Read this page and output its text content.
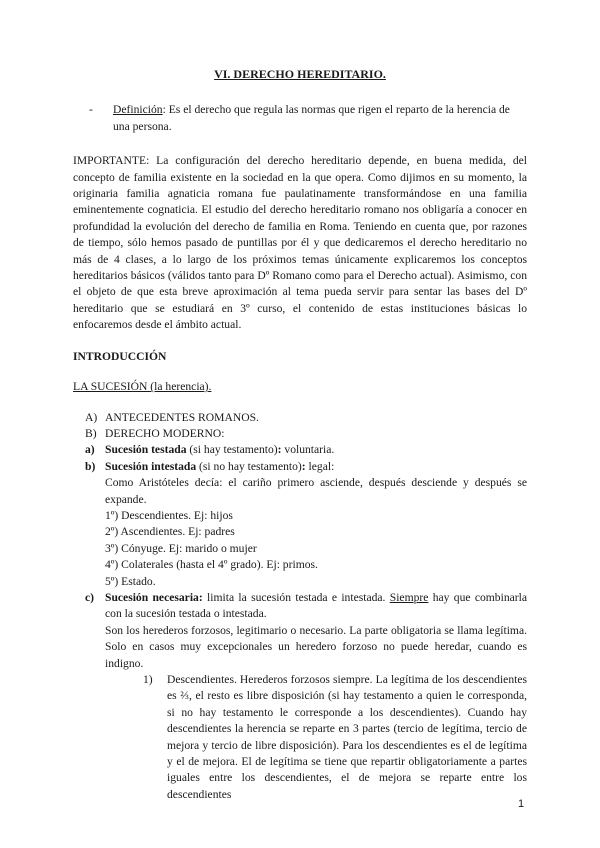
VI. DERECHO HEREDITARIO.
-	Definición: Es el derecho que regula las normas que rigen el reparto de la herencia de una persona.

IMPORTANTE: La configuración del derecho hereditario depende, en buena medida, del concepto de familia existente en la sociedad en la que opera. Como dijimos en su momento, la originaria familia agnaticia romana fue paulatinamente transformándose en una familia eminentemente cognaticia. El estudio del derecho hereditario romano nos obligaría a conocer en profundidad la evolución del derecho de familia en Roma. Teniendo en cuenta que, por razones de tiempo, sólo hemos pasado de puntillas por él y que dedicaremos el derecho hereditario no más de 4 clases, a lo largo de los próximos temas únicamente explicaremos los conceptos hereditarios básicos (válidos tanto para Dº Romano como para el Derecho actual). Asimismo, con el objeto de que esta breve aproximación al tema pueda servir para sentar las bases del Dº hereditario que se estudiará en 3º curso, el contenido de estas instituciones básicas lo enfocaremos desde el ámbito actual.

INTRODUCCIÓN
LA SUCESIÓN (la herencia).
A) ANTECEDENTES ROMANOS.
B) DERECHO MODERNO:
a) Sucesión testada (si hay testamento): voluntaria.
b) Sucesión intestada (si no hay testamento): legal:
Como Aristóteles decía: el cariño primero asciende, después desciende y después se expande.
1º) Descendientes. Ej: hijos
2º) Ascendientes. Ej: padres
3º) Cónyuge. Ej: marido o mujer
4º) Colaterales (hasta el 4º grado). Ej: primos.
5º) Estado.
c) Sucesión necesaria: limita la sucesión testada e intestada. Siempre hay que combinarla con la sucesión testada o intestada.
Son los herederos forzosos, legitimario o necesario. La parte obligatoria se llama legítima. Solo en casos muy excepcionales un heredero forzoso no puede heredar, cuando es indigno.
1)	Descendientes. Herederos forzosos siempre. La legítima de los descendientes es ⅔, el resto es libre disposición (si hay testamento a quien le corresponda, si no hay testamento le corresponde a los descendientes). Cuando hay descendientes la herencia se reparte en 3 partes (tercio de legítima, tercio de mejora y tercio de libre disposición). Para los descendientes es el de legítima y el de mejora. El de legítima se tiene que repartir obligatoriamente a partes iguales entre los descendientes, el de mejora se reparte entre los descendientes
1
